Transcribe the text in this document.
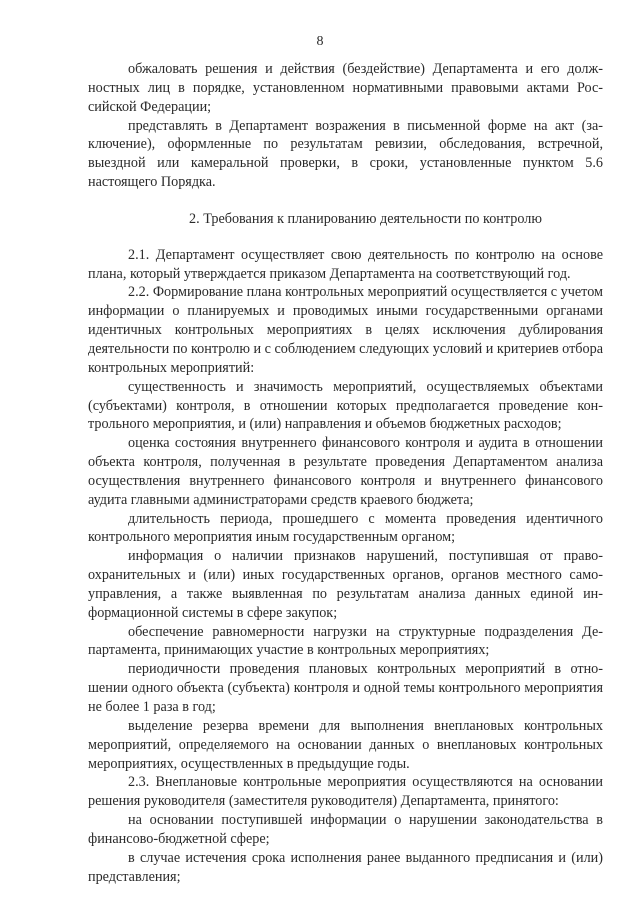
8

обжаловать решения и действия (бездействие) Департамента и его должностных лиц в порядке, установленном нормативными правовыми актами Российской Федерации;

представлять в Департамент возражения в письменной форме на акт (заключение), оформленные по результатам ревизии, обследования, встречной, выездной или камеральной проверки, в сроки, установленные пунктом 5.6 настоящего Порядка.

2. Требования к планированию деятельности по контролю

2.1. Департамент осуществляет свою деятельность по контролю на основе плана, который утверждается приказом Департамента на соответствующий год.

2.2. Формирование плана контрольных мероприятий осуществляется с учетом информации о планируемых и проводимых иными государственными органами идентичных контрольных мероприятиях в целях исключения дублирования деятельности по контролю и с соблюдением следующих условий и критериев отбора контрольных мероприятий:

существенность и значимость мероприятий, осуществляемых объектами (субъектами) контроля, в отношении которых предполагается проведение контрольного мероприятия, и (или) направления и объемов бюджетных расходов;

оценка состояния внутреннего финансового контроля и аудита в отношении объекта контроля, полученная в результате проведения Департаментом анализа осуществления внутреннего финансового контроля и внутреннего финансового аудита главными администраторами средств краевого бюджета;

длительность периода, прошедшего с момента проведения идентичного контрольного мероприятия иным государственным органом;

информация о наличии признаков нарушений, поступившая от правоохранительных и (или) иных государственных органов, органов местного самоуправления, а также выявленная по результатам анализа данных единой информационной системы в сфере закупок;

обеспечение равномерности нагрузки на структурные подразделения Департамента, принимающих участие в контрольных мероприятиях;

периодичности проведения плановых контрольных мероприятий в отношении одного объекта (субъекта) контроля и одной темы контрольного мероприятия не более 1 раза в год;

выделение резерва времени для выполнения внеплановых контрольных мероприятий, определяемого на основании данных о внеплановых контрольных мероприятиях, осуществленных в предыдущие годы.

2.3. Внеплановые контрольные мероприятия осуществляются на основании решения руководителя (заместителя руководителя) Департамента, принятого:

на основании поступившей информации о нарушении законодательства в финансово-бюджетной сфере;

в случае истечения срока исполнения ранее выданного предписания и (или) представления;
